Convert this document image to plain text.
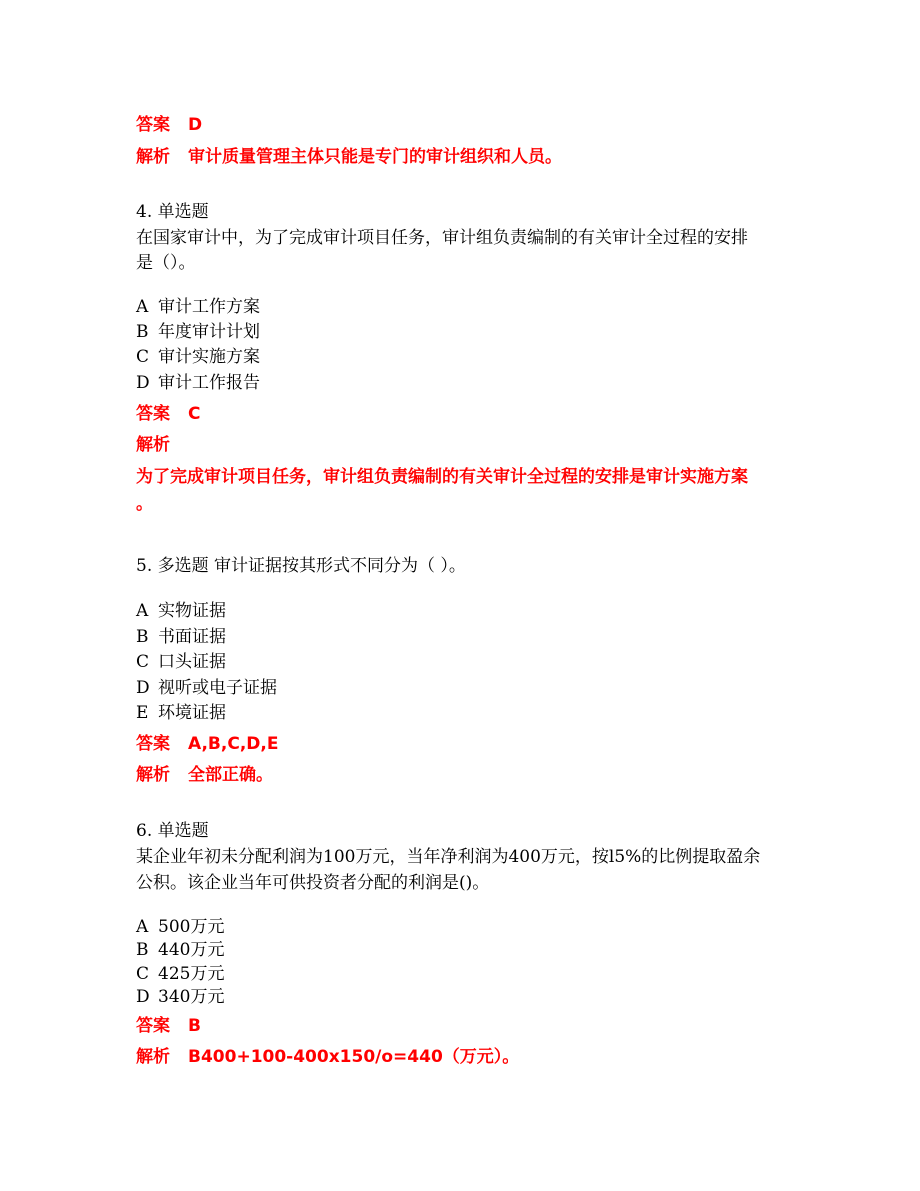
答案 D
解析 审计质量管理主体只能是专门的审计组织和人员。
4. 单选题
在国家审计中，为了完成审计项目任务，审计组负责编制的有关审计全过程的安排
是（）。
A 审计工作方案
B 年度审计计划
C 审计实施方案
D 审计工作报告
答案 C
解析
为了完成审计项目任务，审计组负责编制的有关审计全过程的安排是审计实施方案
。
5. 多选题 审计证据按其形式不同分为（ ）。
A 实物证据
B 书面证据
C 口头证据
D 视听或电子证据
E 环境证据
答案 A,B,C,D,E
解析 全部正确。
6. 单选题
某企业年初未分配利润为100万元，当年净利润为400万元，按l5%的比例提取盈余
公积。该企业当年可供投资者分配的利润是()。
A 500万元
B 440万元
C 425万元
D 340万元
答案 B
解析 B400+100-400x150/o=440（万元）。
